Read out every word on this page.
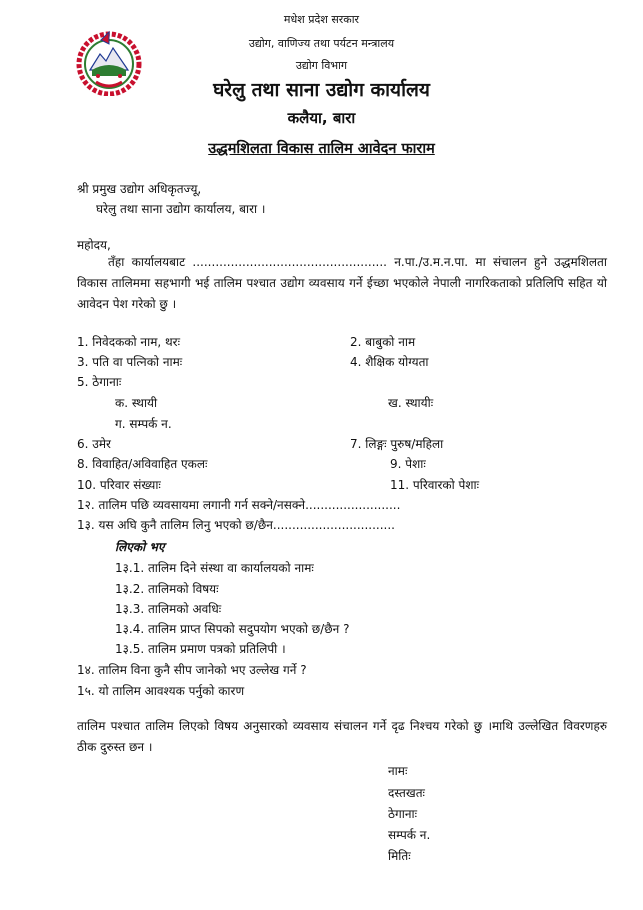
मधेश प्रदेश सरकार
उद्योग, वाणिज्य तथा पर्यटन मन्त्रालय
उद्योग विभाग
घरेलु तथा साना उद्योग कार्यालय
कलैया, बारा
उद्धमशिलता विकास तालिम आवेदन फाराम
श्री प्रमुख उद्योग अधिकृतज्यू,
घरेलु तथा साना उद्योग कार्यालय, बारा ।
महोदय,
तँहा कार्यालयबाट ................................................... न.पा./उ.म.न.पा. मा संचालन हुने उद्धमशिलता विकास तालिममा सहभागी भई तालिम पश्चात उद्योग व्यवसाय गर्ने ईच्छा भएकोले नेपाली नागरिकताको प्रतिलिपि सहित यो आवेदन पेश गरेको छु ।
1. निवेदकको नाम, थरः	2. बाबुको नाम
3. पति वा पत्निको नामः	4. शैक्षिक योग्यता
5. ठेगानाः
क. स्थायी	ख. स्थायीः
ग. सम्पर्क न.
6. उमेर	7. लिङ्गः पुरुष/महिला
8. विवाहित/अविवाहित एकलः	9. पेशाः
10. परिवार संख्याः	11. परिवारको पेशाः
1२. तालिम पछि व्यवसायमा लगानी गर्न सक्ने/नसक्ने.........................
1३. यस अघि कुनै तालिम लिनु भएको छ/छैन................................
लिएको भए
1३.1. तालिम दिने संस्था वा कार्यालयको नामः
1३.2. तालिमको विषयः
1३.3. तालिमको अवधिः
1३.4. तालिम प्राप्त सिपको सदुपयोग भएको छ/छैन ?
1३.5. तालिम प्रमाण पत्रको प्रतिलिपी ।
1४. तालिम विना कुनै सीप जानेको भए उल्लेख गर्ने ?
1५. यो तालिम आवश्यक पर्नुको कारण
तालिम पश्चात तालिम लिएको विषय अनुसारको व्यवसाय संचालन गर्ने दृढ निश्चय गरेको छु ।माथि उल्लेखित विवरणहरु ठीक दुरुस्त छन ।
नामः
दस्तखतः
ठेगानाः
सम्पर्क न.
मितिः
